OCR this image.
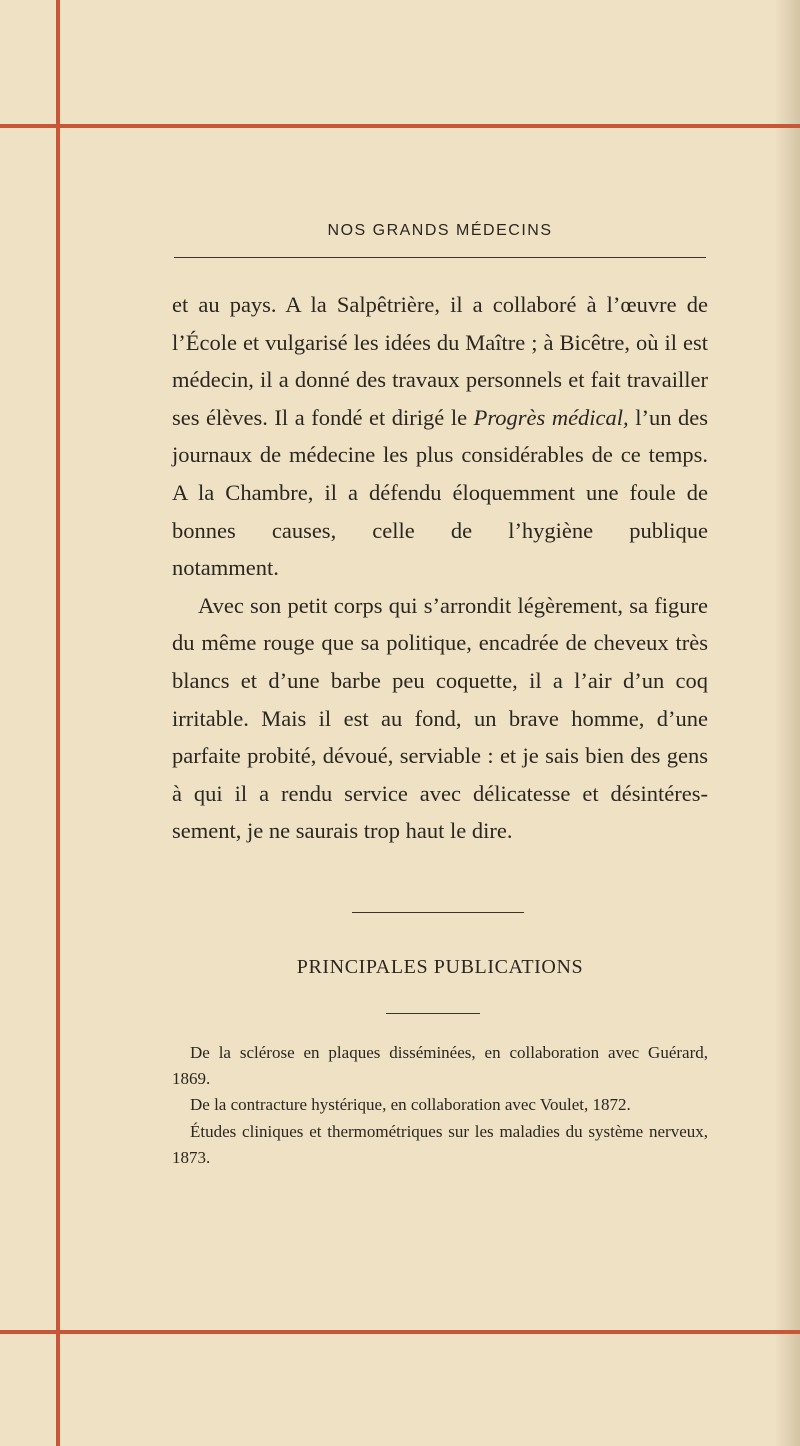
NOS GRANDS MÉDECINS

et au pays. A la Salpêtrière, il a collaboré à l’œuvre de l’École et vulgarisé les idées du Maître ; à Bicêtre, où il est médecin, il a donné des travaux personnels et fait travailler ses élèves. Il a fondé et dirigé le Progrès médical, l’un des journaux de médecine les plus considérables de ce temps. A la Chambre, il a défendu éloquemment une foule de bonnes causes, celle de l’hygiène publique

notamment.

Avec son petit corps qui s’arrondit légèrement, sa figure du même rouge que sa politique, encadrée de cheveux très blancs et d’une barbe peu coquette, il a l’air d’un coq irritable. Mais il est au fond, un brave homme, d’une parfaite probité, dévoué, serviable : et je sais bien des gens à qui il a rendu service avec délicatesse et désintéres-

sement, je ne saurais trop haut le dire.

PRINCIPALES PUBLICATIONS

De la sclérose en plaques disséminées, en collaboration avec Guérard, 1869.

De la contracture hystérique, en collaboration avec Voulet, 1872.

Études cliniques et thermométriques sur les maladies du système nerveux, 1873.
